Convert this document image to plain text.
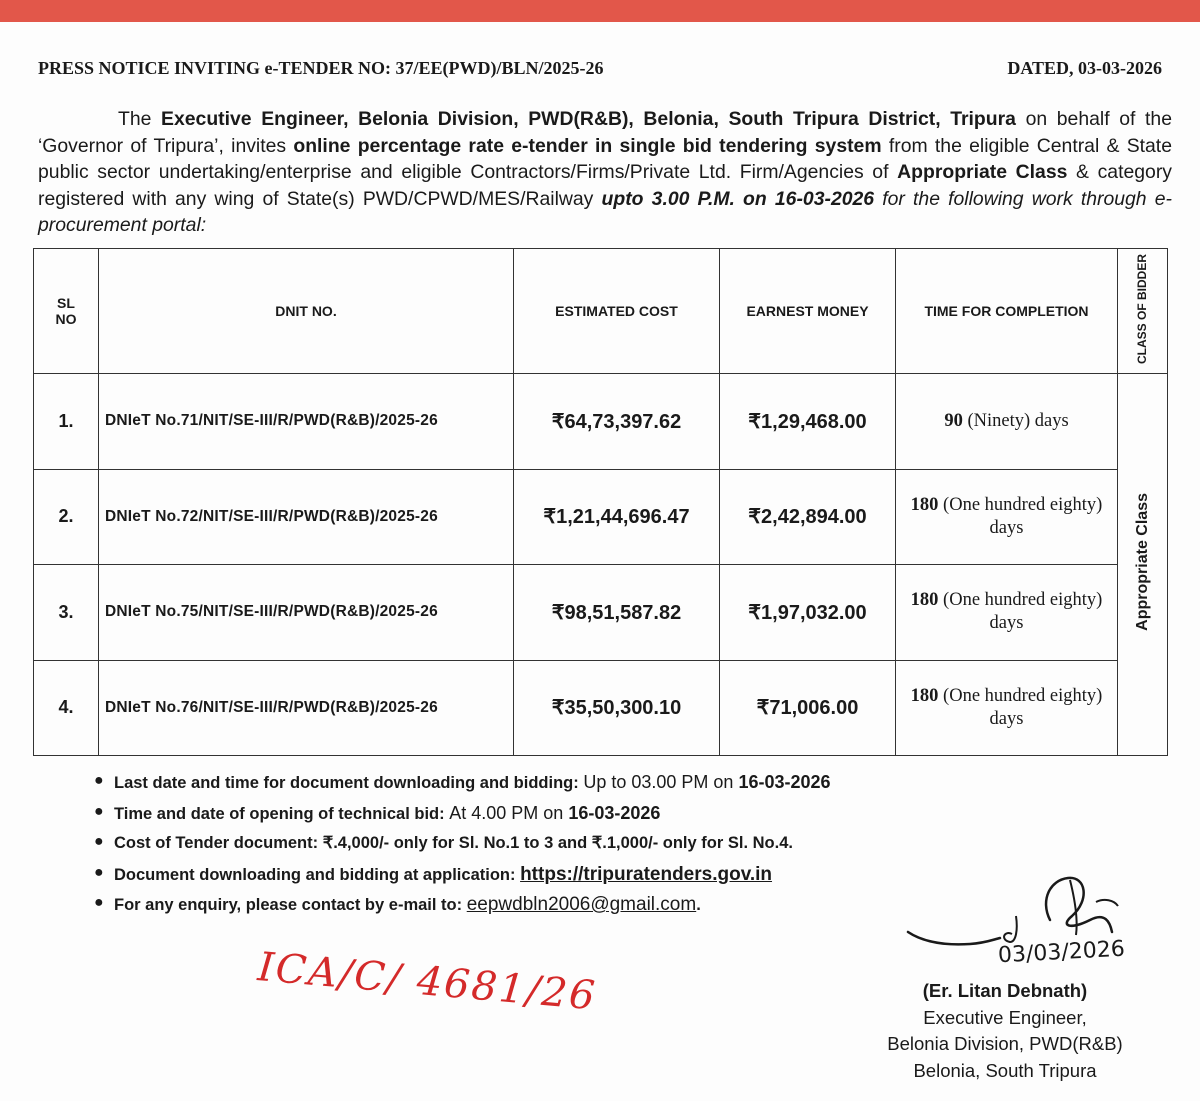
PRESS NOTICE INVITING e-TENDER NO: 37/EE(PWD)/BLN/2025-26	DATED, 03-03-2026
The Executive Engineer, Belonia Division, PWD(R&B), Belonia, South Tripura District, Tripura on behalf of the ‘Governor of Tripura’, invites online percentage rate e-tender in single bid tendering system from the eligible Central & State public sector undertaking/enterprise and eligible Contractors/Firms/Private Ltd. Firm/Agencies of Appropriate Class & category registered with any wing of State(s) PWD/CPWD/MES/Railway upto 3.00 P.M. on 16-03-2026 for the following work through e-procurement portal:
SL NO	DNIT NO.	ESTIMATED COST	EARNEST MONEY	TIME FOR COMPLETION	CLASS OF BIDDER
1.	DNIeT No.71/NIT/SE-III/R/PWD(R&B)/2025-26	₹64,73,397.62	₹1,29,468.00	90 (Ninety) days	Appropriate Class
2.	DNIeT No.72/NIT/SE-III/R/PWD(R&B)/2025-26	₹1,21,44,696.47	₹2,42,894.00	180 (One hundred eighty) days	
3.	DNIeT No.75/NIT/SE-III/R/PWD(R&B)/2025-26	₹98,51,587.82	₹1,97,032.00	180 (One hundred eighty) days	
4.	DNIeT No.76/NIT/SE-III/R/PWD(R&B)/2025-26	₹35,50,300.10	₹71,006.00	180 (One hundred eighty) days	
● Last date and time for document downloading and bidding: Up to 03.00 PM on 16-03-2026
● Time and date of opening of technical bid: At 4.00 PM on 16-03-2026
● Cost of Tender document: ₹.4,000/- only for Sl. No.1 to 3 and ₹.1,000/- only for Sl. No.4.
● Document downloading and bidding at application: https://tripuratenders.gov.in
● For any enquiry, please contact by e-mail to: eepwdbln2006@gmail.com.
ICA/C/ 4681/26	03/03/2026
(Er. Litan Debnath)
Executive Engineer,
Belonia Division, PWD(R&B)
Belonia, South Tripura
